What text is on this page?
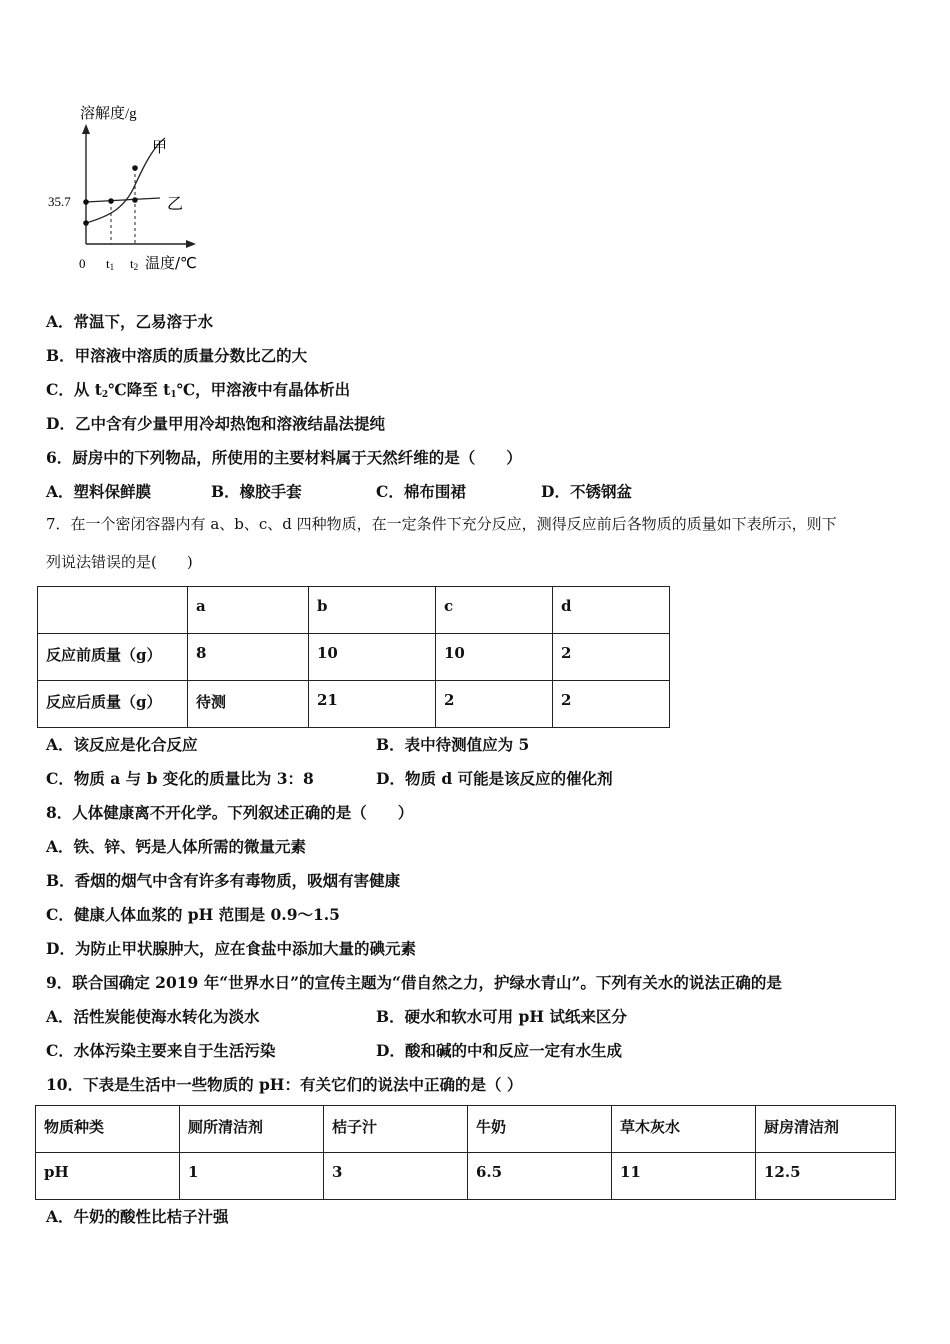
溶解度/g
35.7
甲
乙
0 t1 t2 温度/℃
A．常温下，乙易溶于水
B．甲溶液中溶质的质量分数比乙的大
C．从 $t_2℃$降至 $t_1℃$，甲溶液中有晶体析出
D．乙中含有少量甲用冷却热饱和溶液结晶法提纯
6．厨房中的下列物品，所使用的主要材料属于天然纤维的是（　　）
A．塑料保鲜膜	B．橡胶手套	C．棉布围裙	D．不锈钢盆
7．在一个密闭容器内有 a、b、c、d 四种物质，在一定条件下充分反应，测得反应前后各物质的质量如下表所示，则下
列说法错误的是(　　)
	a	b	c	d
反应前质量（g）	8	10	10	2
反应后质量（g）	待测	21	2	2
A．该反应是化合反应	B．表中待测值应为 5
C．物质 a 与 b 变化的质量比为 3：8	D．物质 d 可能是该反应的催化剂
8．人体健康离不开化学。下列叙述正确的是（　　）
A．铁、锌、钙是人体所需的微量元素
B．香烟的烟气中含有许多有毒物质，吸烟有害健康
C．健康人体血浆的 pH 范围是 0.9～1.5
D．为防止甲状腺肿大，应在食盐中添加大量的碘元素
9．联合国确定 2019 年“世界水日”的宣传主题为“借自然之力，护绿水青山”。下列有关水的说法正确的是
A．活性炭能使海水转化为淡水	B．硬水和软水可用 pH 试纸来区分
C．水体污染主要来自于生活污染	D．酸和碱的中和反应一定有水生成
10．下表是生活中一些物质的 pH：有关它们的说法中正确的是（ ）
物质种类	厕所清洁剂	桔子汁	牛奶	草木灰水	厨房清洁剂
pH	1	3	6.5	11	12.5
A．牛奶的酸性比桔子汁强
